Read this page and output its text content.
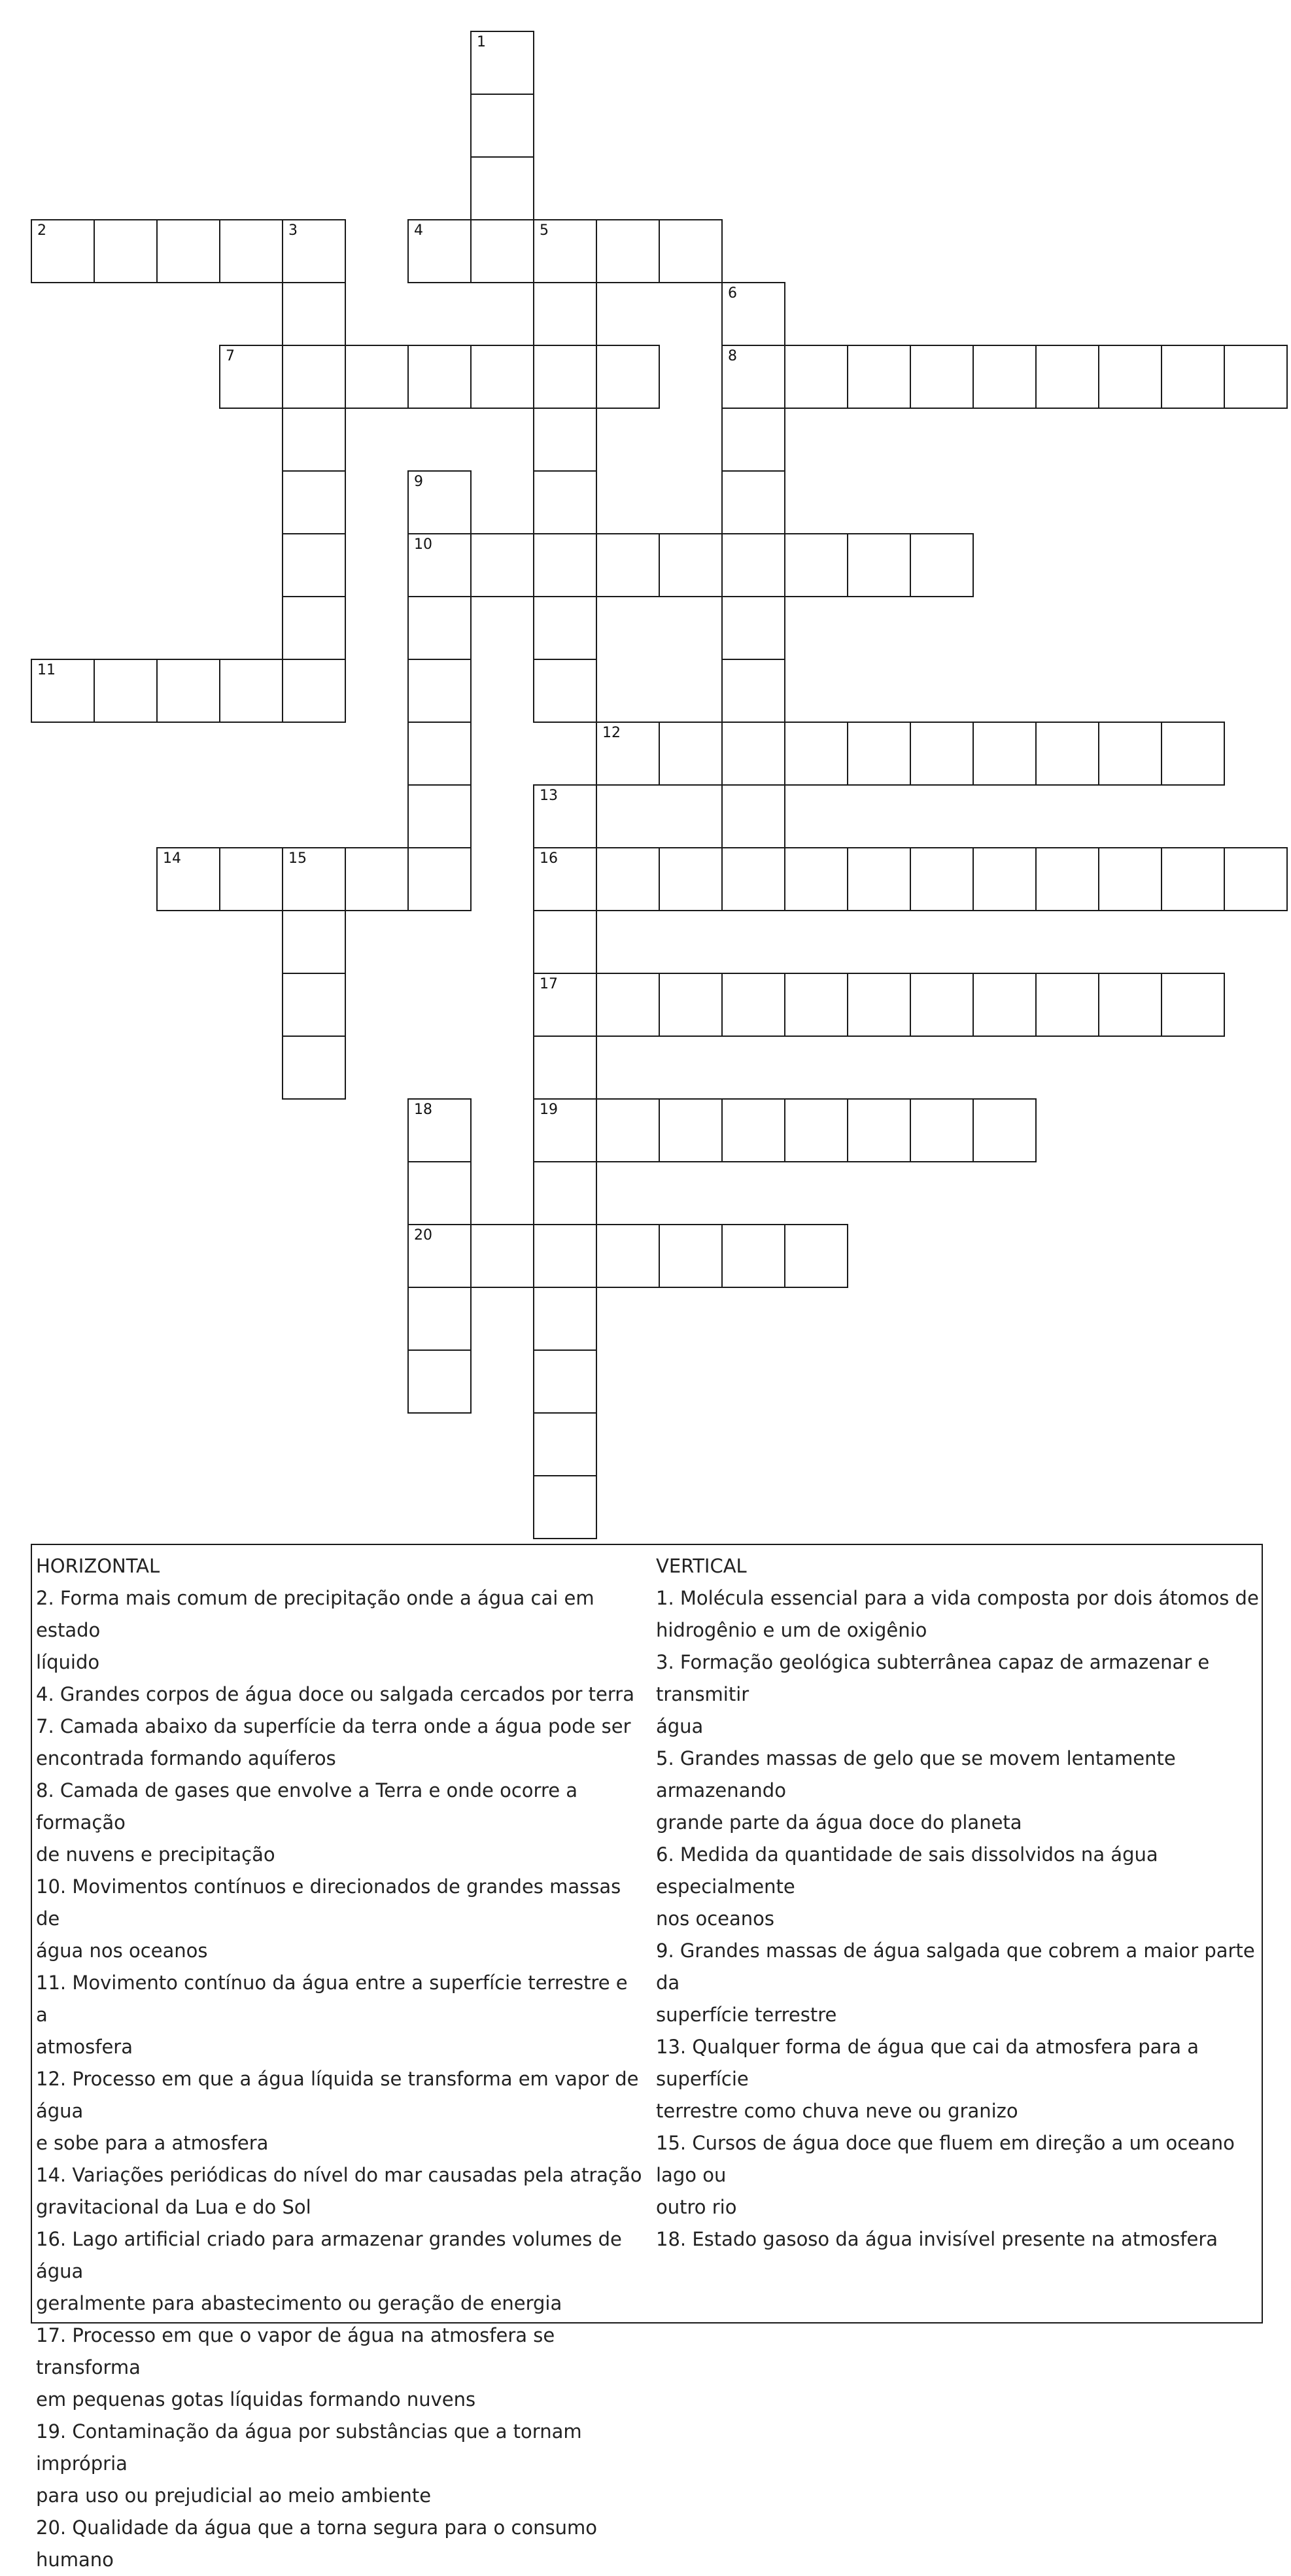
1
2	3	4	5
6
7	8
9
10
11
12
13
14	15	16
17
18	19
20
HORIZONTAL
2. Forma mais comum de precipitação onde a água cai em estado
líquido
4. Grandes corpos de água doce ou salgada cercados por terra
7. Camada abaixo da superfície da terra onde a água pode ser
encontrada formando aquíferos
8. Camada de gases que envolve a Terra e onde ocorre a formação
de nuvens e precipitação
10. Movimentos contínuos e direcionados de grandes massas de
água nos oceanos
11. Movimento contínuo da água entre a superfície terrestre e a
atmosfera
12. Processo em que a água líquida se transforma em vapor de água
e sobe para a atmosfera
14. Variações periódicas do nível do mar causadas pela atração
gravitacional da Lua e do Sol
16. Lago artificial criado para armazenar grandes volumes de água
geralmente para abastecimento ou geração de energia
17. Processo em que o vapor de água na atmosfera se transforma
em pequenas gotas líquidas formando nuvens
19. Contaminação da água por substâncias que a tornam imprópria
para uso ou prejudicial ao meio ambiente
20. Qualidade da água que a torna segura para o consumo humano
VERTICAL
1. Molécula essencial para a vida composta por dois átomos de
hidrogênio e um de oxigênio
3. Formação geológica subterrânea capaz de armazenar e transmitir
água
5. Grandes massas de gelo que se movem lentamente armazenando
grande parte da água doce do planeta
6. Medida da quantidade de sais dissolvidos na água especialmente
nos oceanos
9. Grandes massas de água salgada que cobrem a maior parte da
superfície terrestre
13. Qualquer forma de água que cai da atmosfera para a superfície
terrestre como chuva neve ou granizo
15. Cursos de água doce que fluem em direção a um oceano lago ou
outro rio
18. Estado gasoso da água invisível presente na atmosfera
